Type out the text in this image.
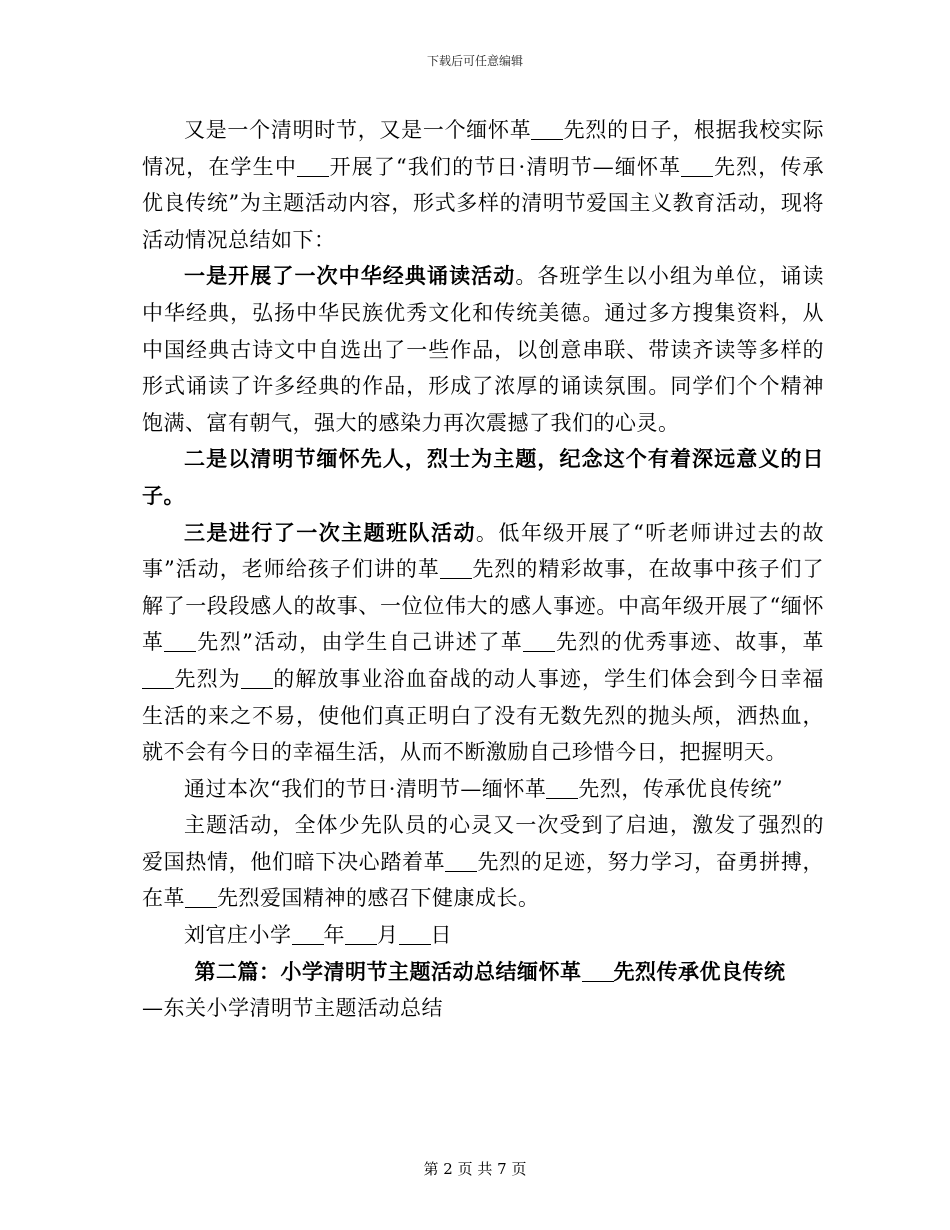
下载后可任意编辑

又是一个清明时节，又是一个缅怀革 先烈的日子，根据我校实际情况，在学生中 开展了“我们的节日·清明节—缅怀革 先烈，传承优良传统”为主题活动内容，形式多样的清明节爱国主义教育活动，现将活动情况总结如下：

一是开展了一次中华经典诵读活动。各班学生以小组为单位，诵读中华经典，弘扬中华民族优秀文化和传统美德。通过多方搜集资料，从中国经典古诗文中自选出了一些作品，以创意串联、带读齐读等多样的形式诵读了许多经典的作品，形成了浓厚的诵读氛围。同学们个个精神饱满、富有朝气，强大的感染力再次震撼了我们的心灵。

二是以清明节缅怀先人，烈士为主题，纪念这个有着深远意义的日子。

三是进行了一次主题班队活动。低年级开展了“听老师讲过去的故事”活动，老师给孩子们讲的革 先烈的精彩故事，在故事中孩子们了解了一段段感人的故事、一位位伟大的感人事迹。中高年级开展了“缅怀革 先烈”活动，由学生自己讲述了革 先烈的优秀事迹、故事，革先烈为 的解放事业浴血奋战的动人事迹，学生们体会到今日幸福生活的来之不易，使他们真正明白了没有无数先烈的抛头颅，洒热血，就不会有今日的幸福生活，从而不断激励自己珍惜今日，把握明天。

通过本次“我们的节日·清明节—缅怀革 先烈，传承优良传统”

主题活动，全体少先队员的心灵又一次受到了启迪，激发了强烈的爱国热情，他们暗下决心踏着革 先烈的足迹，努力学习，奋勇拼搏，在革 先烈爱国精神的感召下健康成长。

刘官庄小学 年 月 日

第二篇：小学清明节主题活动总结缅怀革 先烈传承优良传统

—东关小学清明节主题活动总结

第 2 页 共 7 页
